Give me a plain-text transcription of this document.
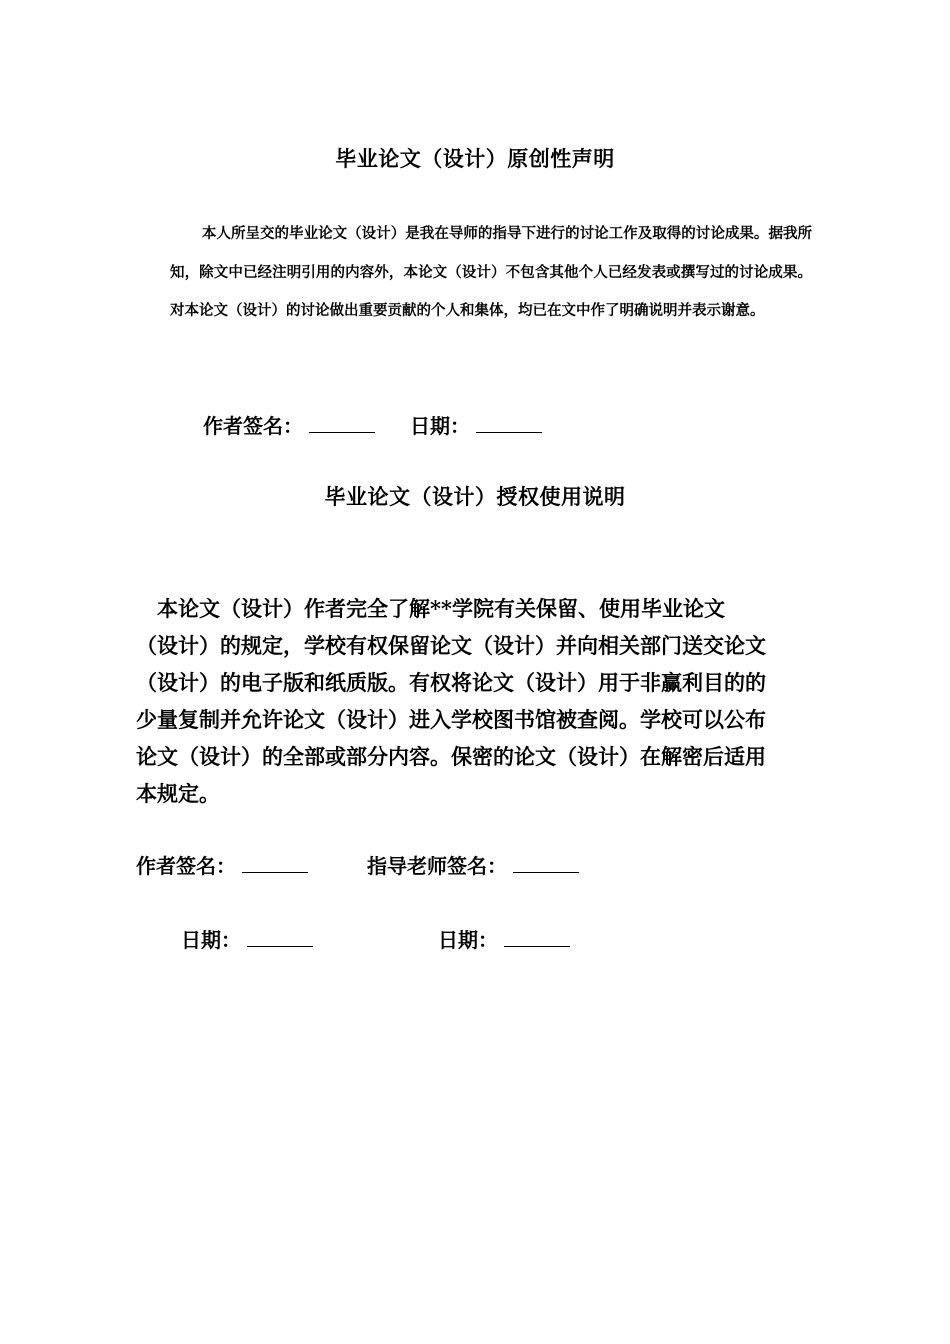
毕业论文（设计）原创性声明
本人所呈交的毕业论文（设计）是我在导师的指导下进行的讨论工作及取得的讨论成果。据我所知，除文中已经注明引用的内容外，本论文（设计）不包含其他个人已经发表或撰写过的讨论成果。对本论文（设计）的讨论做出重要贡献的个人和集体，均已在文中作了明确说明并表示谢意。
作者签名：	日期：
毕业论文（设计）授权使用说明
　本论文（设计）作者完全了解**学院有关保留、使用毕业论文
（设计）的规定，学校有权保留论文（设计）并向相关部门送交论文
（设计）的电子版和纸质版。有权将论文（设计）用于非赢利目的的
少量复制并允许论文（设计）进入学校图书馆被查阅。学校可以公布
论文（设计）的全部或部分内容。保密的论文（设计）在解密后适用
本规定。
作者签名：	指导老师签名：
日期：	日期：
